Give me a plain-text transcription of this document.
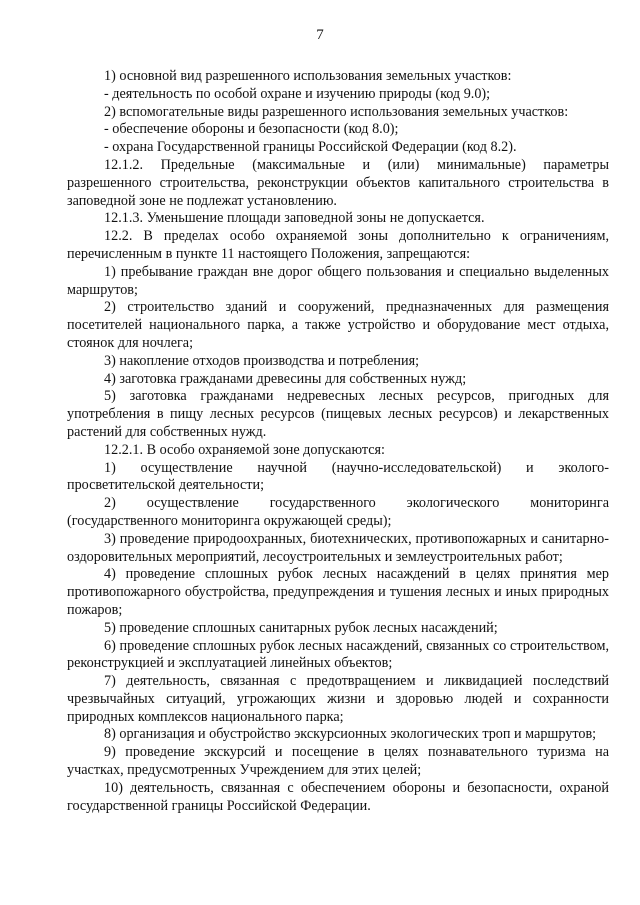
7

1) основной вид разрешенного использования земельных участков:

- деятельность по особой охране и изучению природы (код 9.0);

2) вспомогательные виды разрешенного использования земельных участков:

- обеспечение обороны и безопасности (код 8.0);

- охрана Государственной границы Российской Федерации (код 8.2).

12.1.2. Предельные (максимальные и (или) минимальные) параметры разрешенного строительства, реконструкции объектов капитального строительства в заповедной зоне не подлежат установлению.

12.1.3. Уменьшение площади заповедной зоны не допускается.

12.2. В пределах особо охраняемой зоны дополнительно к ограничениям, перечисленным в пункте 11 настоящего Положения, запрещаются:

1) пребывание граждан вне дорог общего пользования и специально выделенных маршрутов;

2) строительство зданий и сооружений, предназначенных для размещения посетителей национального парка, а также устройство и оборудование мест отдыха, стоянок для ночлега;

3) накопление отходов производства и потребления;

4) заготовка гражданами древесины для собственных нужд;

5) заготовка гражданами недревесных лесных ресурсов, пригодных для употребления в пищу лесных ресурсов (пищевых лесных ресурсов) и лекарственных растений для собственных нужд.

12.2.1. В особо охраняемой зоне допускаются:

1) осуществление научной (научно-исследовательской) и эколого-просветительской деятельности;

2) осуществление государственного экологического мониторинга (государственного мониторинга окружающей среды);

3) проведение природоохранных, биотехнических, противопожарных и санитарно-оздоровительных мероприятий, лесоустроительных и землеустроительных работ;

4) проведение сплошных рубок лесных насаждений в целях принятия мер противопожарного обустройства, предупреждения и тушения лесных и иных природных пожаров;

5) проведение сплошных санитарных рубок лесных насаждений;

6) проведение сплошных рубок лесных насаждений, связанных со строительством, реконструкцией и эксплуатацией линейных объектов;

7) деятельность, связанная с предотвращением и ликвидацией последствий чрезвычайных ситуаций, угрожающих жизни и здоровью людей и сохранности природных комплексов национального парка;

8) организация и обустройство экскурсионных экологических троп и маршрутов;

9) проведение экскурсий и посещение в целях познавательного туризма на участках, предусмотренных Учреждением для этих целей;

10) деятельность, связанная с обеспечением обороны и безопасности, охраной государственной границы Российской Федерации.
